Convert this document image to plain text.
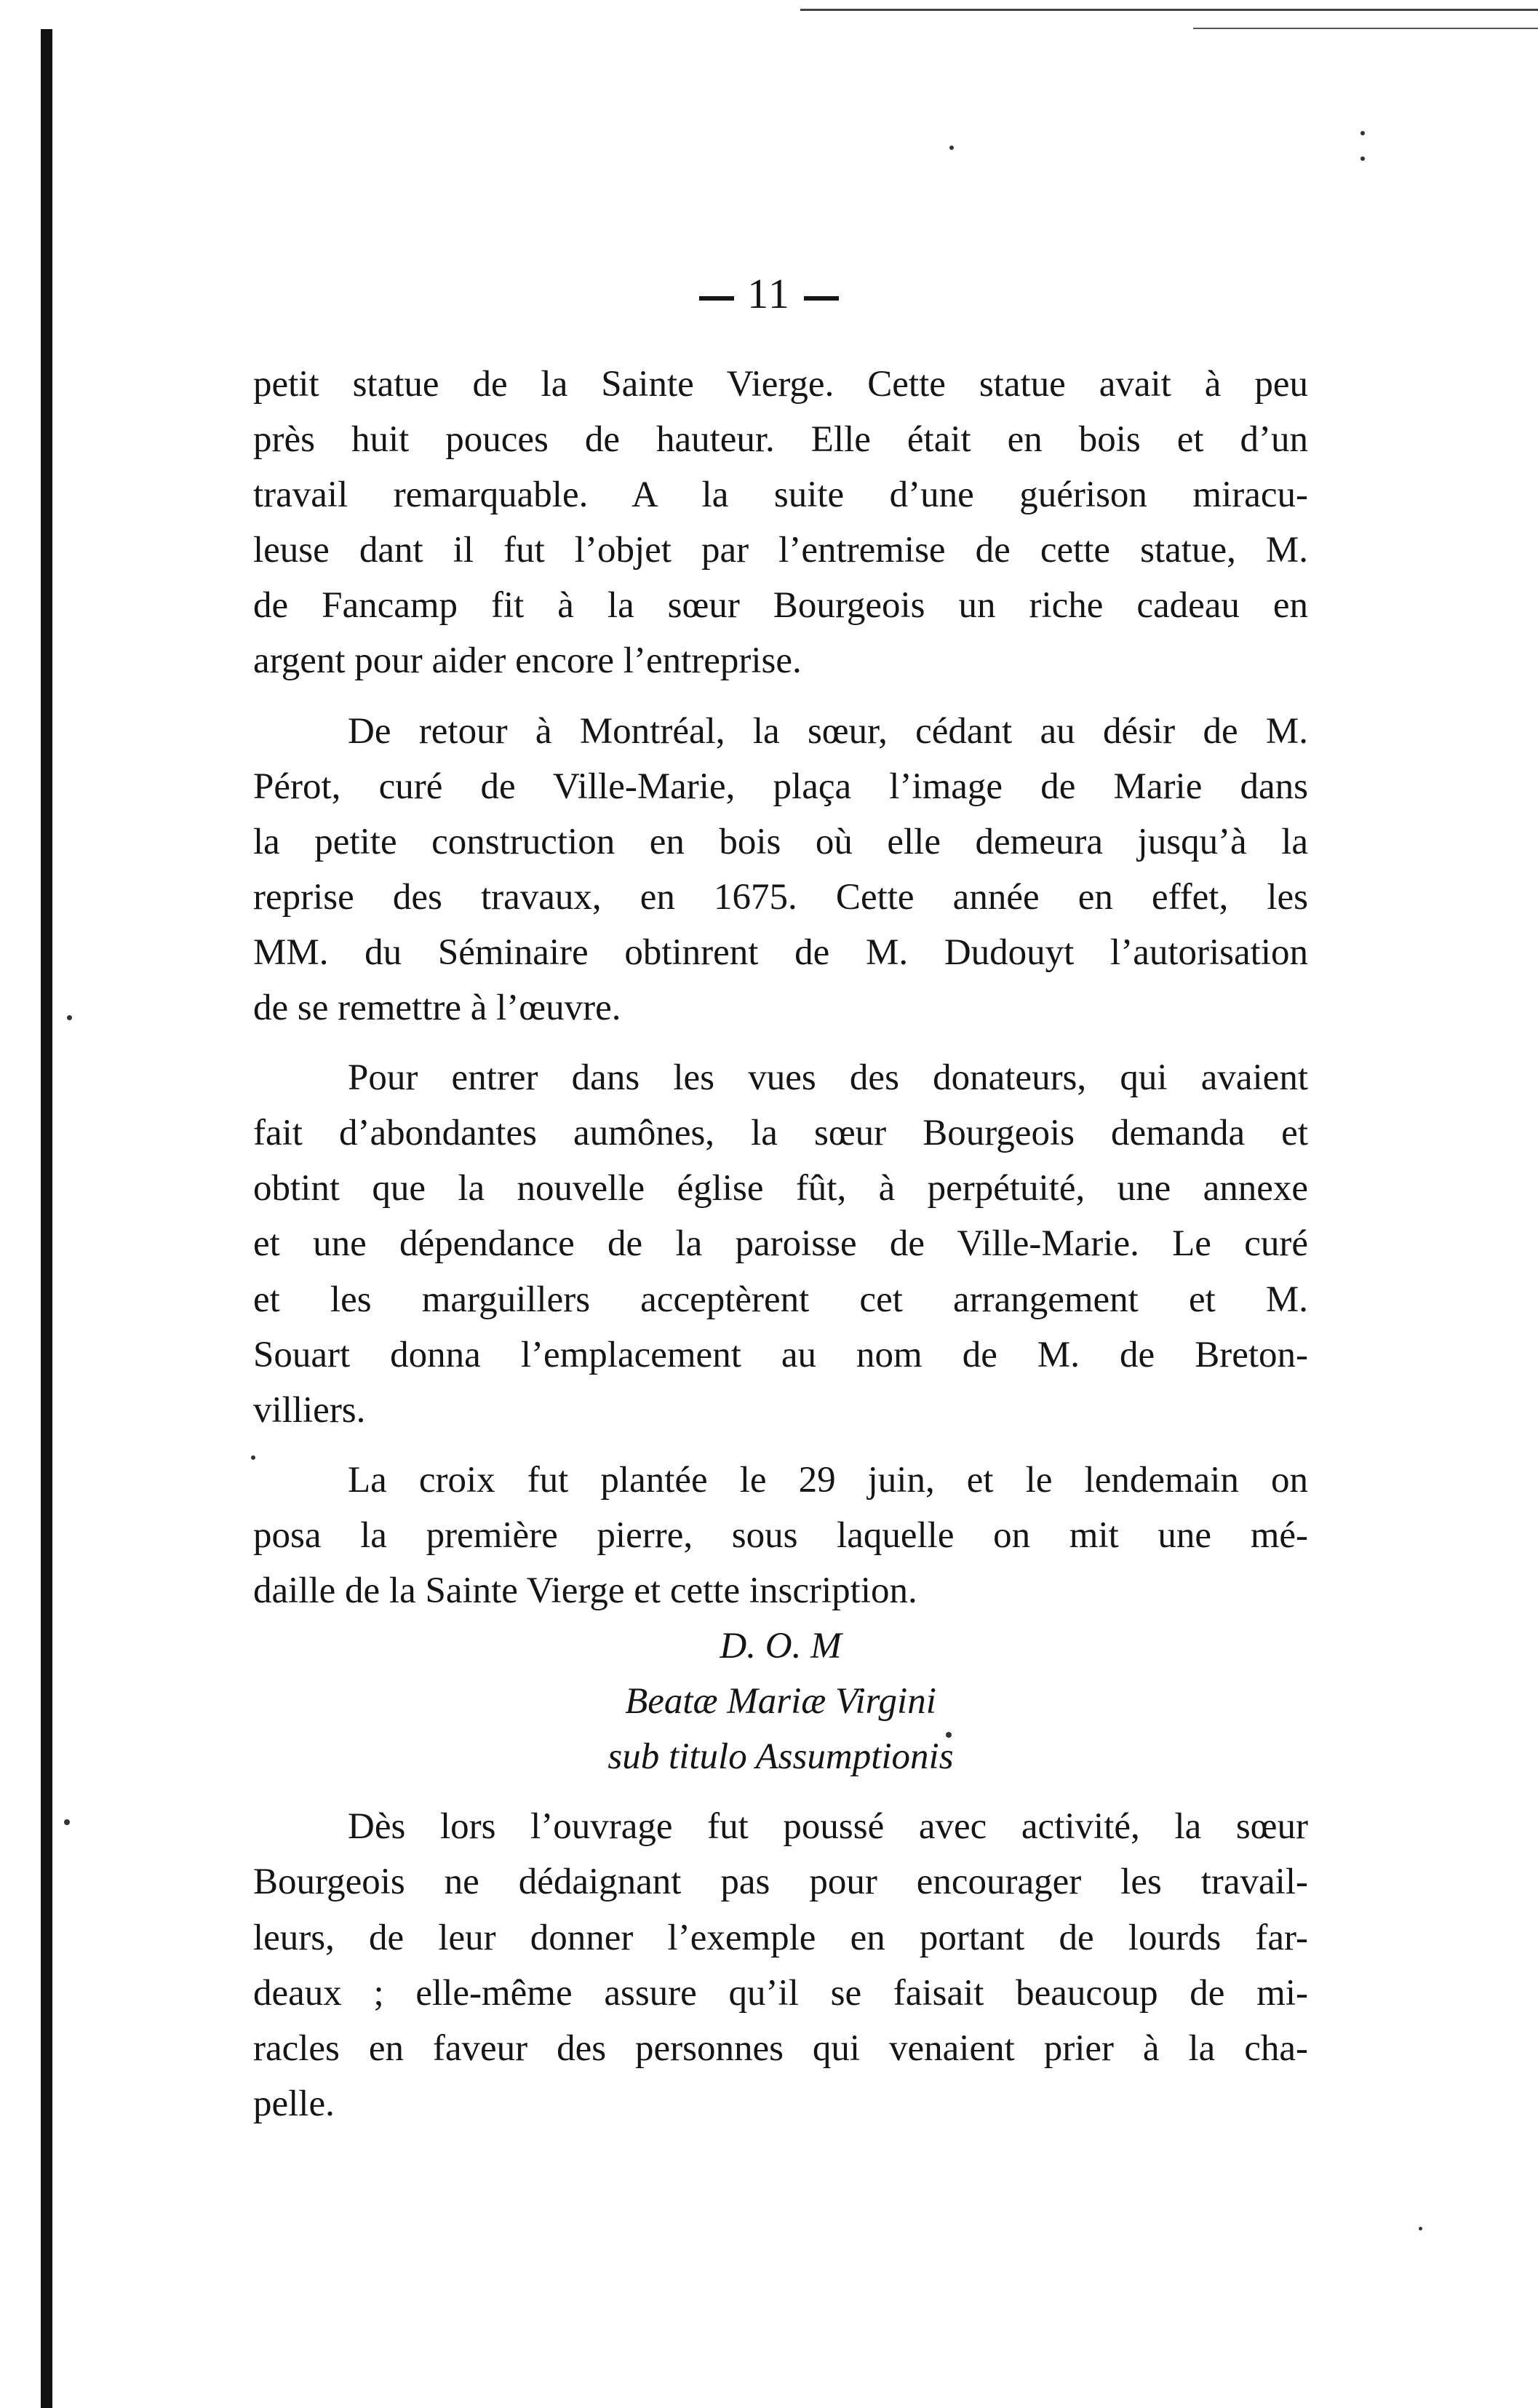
11
petit statue de la Sainte Vierge. Cette statue avait à peu
près huit pouces de hauteur. Elle était en bois et d’un
travail remarquable. A la suite d’une guérison miracu-
leuse dant il fut l’objet par l’entremise de cette statue, M.
de Fancamp fit à la sœur Bourgeois un riche cadeau en
argent pour aider encore l’entreprise.
De retour à Montréal, la sœur, cédant au désir de M.
Pérot, curé de Ville-Marie, plaça l’image de Marie dans
la petite construction en bois où elle demeura jusqu’à la
reprise des travaux, en 1675. Cette année en effet, les
MM. du Séminaire obtinrent de M. Dudouyt l’autorisation
de se remettre à l’œuvre.
Pour entrer dans les vues des donateurs, qui avaient
fait d’abondantes aumônes, la sœur Bourgeois demanda et
obtint que la nouvelle église fût, à perpétuité, une annexe
et une dépendance de la paroisse de Ville-Marie. Le curé
et les marguillers acceptèrent cet arrangement et M.
Souart donna l’emplacement au nom de M. de Breton-
villiers.
La croix fut plantée le 29 juin, et le lendemain on
posa la première pierre, sous laquelle on mit une mé-
daille de la Sainte Vierge et cette inscription.
D. O. M
Beatæ Mariæ Virgini
sub titulo Assumptionis
Dès lors l’ouvrage fut poussé avec activité, la sœur
Bourgeois ne dédaignant pas pour encourager les travail-
leurs, de leur donner l’exemple en portant de lourds far-
deaux ; elle-même assure qu’il se faisait beaucoup de mi-
racles en faveur des personnes qui venaient prier à la cha-
pelle.
